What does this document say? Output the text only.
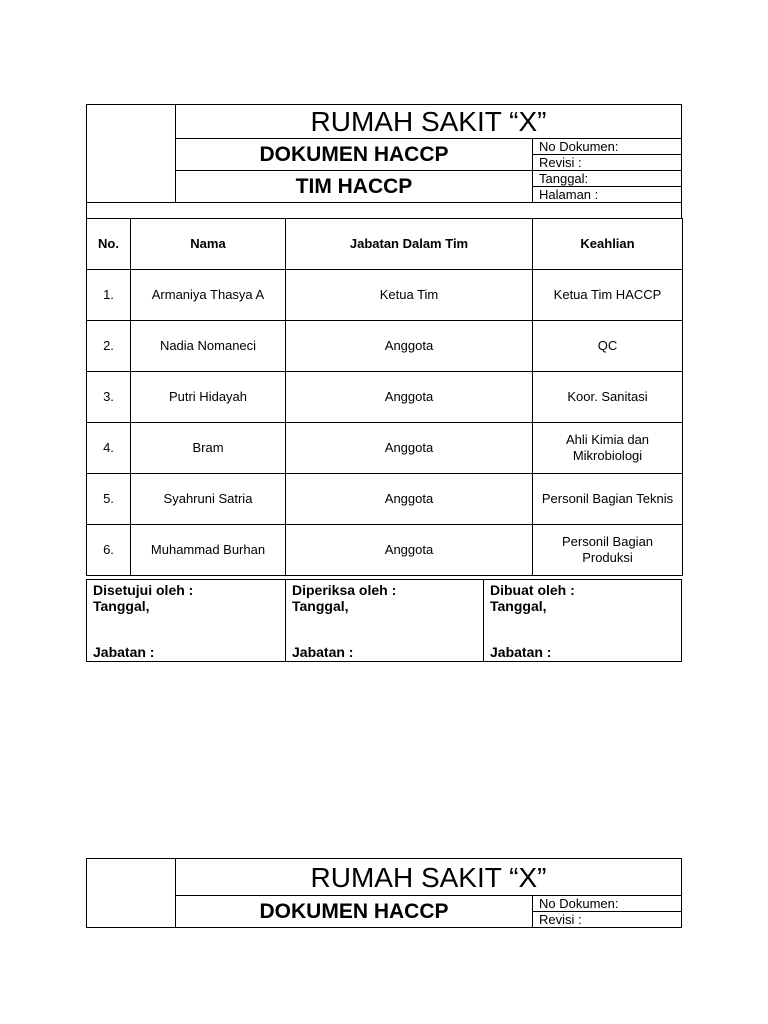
RUMAH SAKIT “X”
DOKUMEN HACCP
TIM HACCP
No Dokumen:
Revisi :
Tanggal:
Halaman :
No.	Nama	Jabatan Dalam Tim	Keahlian
1.	Armaniya Thasya A	Ketua Tim	Ketua Tim HACCP
2.	Nadia Nomaneci	Anggota	QC
3.	Putri Hidayah	Anggota	Koor. Sanitasi
4.	Bram	Anggota	Ahli Kimia dan Mikrobiologi
5.	Syahruni Satria	Anggota	Personil Bagian Teknis
6.	Muhammad Burhan	Anggota	Personil Bagian Produksi
Disetujui oleh :
Tanggal,
Jabatan :
Diperiksa oleh :
Tanggal,
Jabatan :
Dibuat oleh :
Tanggal,
Jabatan :
RUMAH SAKIT “X”
DOKUMEN HACCP	No Dokumen:
Revisi :
